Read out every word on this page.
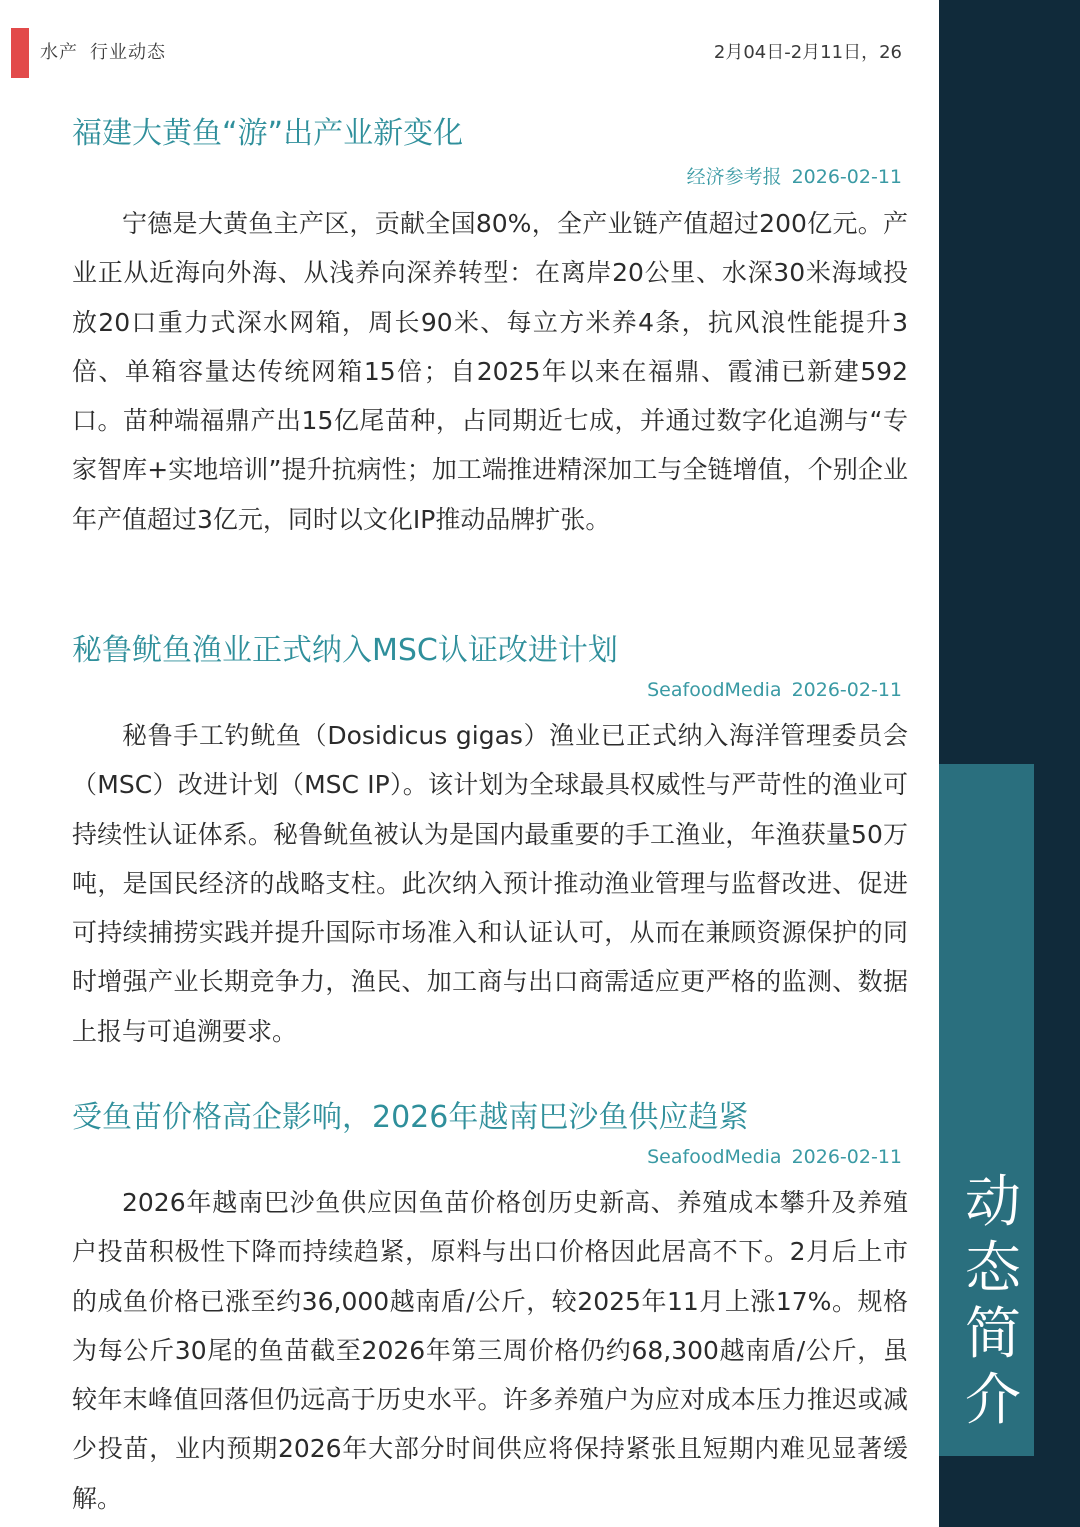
水产 行业动态	2月04日-2月11日，26
动
态
简
介
福建大黄鱼“游”出产业新变化
经济参考报 2026-02-11

宁德是大黄鱼主产区，贡献全国80%，全产业链产值超过200亿元。产业正从近海向外海、从浅养向深养转型：在离岸20公里、水深30米海域投放20口重力式深水网箱，周长90米、每立方米养4条，抗风浪性能提升3倍、单箱容量达传统网箱15倍；自2025年以来在福鼎、霞浦已新建592口。苗种端福鼎产出15亿尾苗种，占同期近七成，并通过数字化追溯与“专家智库+实地培训”提升抗病性；加工端推进精深加工与全链增值，个别企业年产值超过3亿元，同时以文化IP推动品牌扩张。

秘鲁鱿鱼渔业正式纳入MSC认证改进计划
SeafoodMedia 2026-02-11

秘鲁手工钓鱿鱼（Dosidicus gigas）渔业已正式纳入海洋管理委员会（MSC）改进计划（MSC IP）。该计划为全球最具权威性与严苛性的渔业可持续性认证体系。秘鲁鱿鱼被认为是国内最重要的手工渔业，年渔获量50万吨，是国民经济的战略支柱。此次纳入预计推动渔业管理与监督改进、促进可持续捕捞实践并提升国际市场准入和认证认可，从而在兼顾资源保护的同时增强产业长期竞争力，渔民、加工商与出口商需适应更严格的监测、数据上报与可追溯要求。

受鱼苗价格高企影响，2026年越南巴沙鱼供应趋紧
SeafoodMedia 2026-02-11

2026年越南巴沙鱼供应因鱼苗价格创历史新高、养殖成本攀升及养殖户投苗积极性下降而持续趋紧，原料与出口价格因此居高不下。2月后上市的成鱼价格已涨至约36,000越南盾/公斤，较2025年11月上涨17%。规格为每公斤30尾的鱼苗截至2026年第三周价格仍约68,300越南盾/公斤，虽较年末峰值回落但仍远高于历史水平。许多养殖户为应对成本压力推迟或减少投苗，业内预期2026年大部分时间供应将保持紧张且短期内难见显著缓解。
